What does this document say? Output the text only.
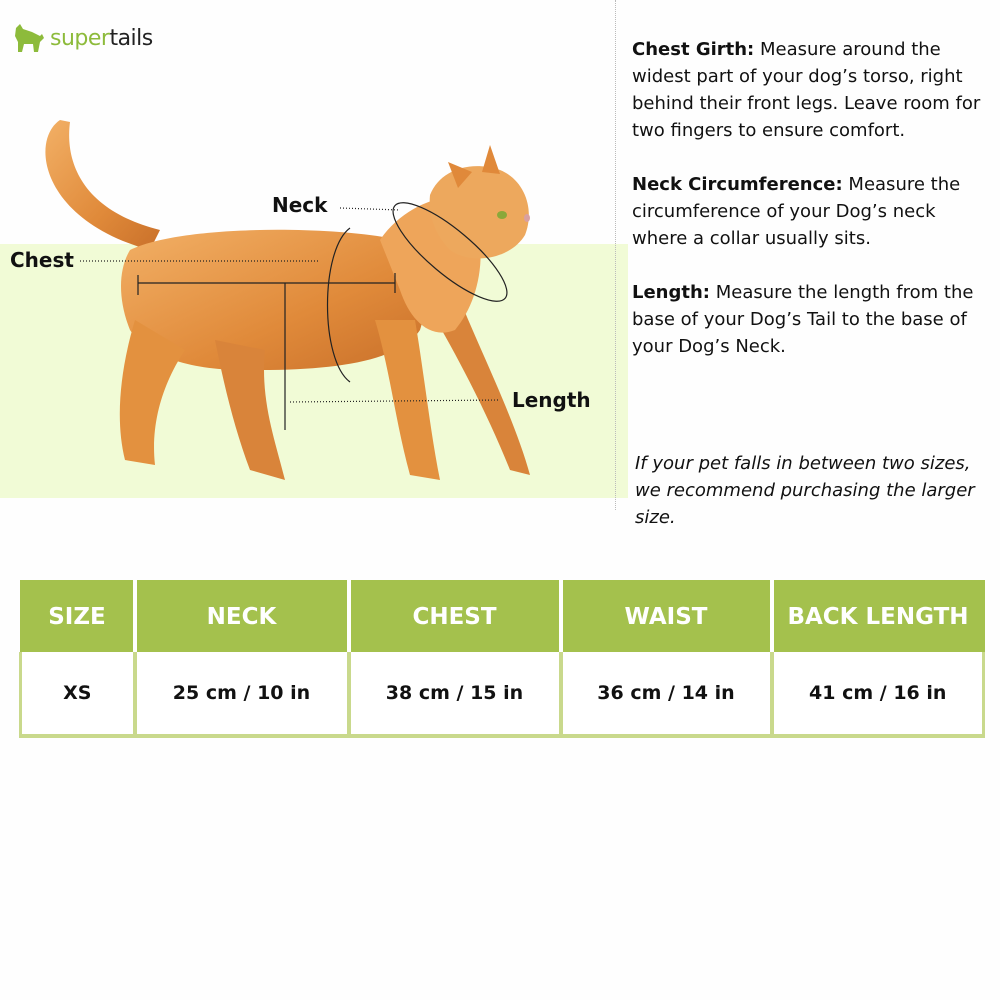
supertails
Neck
Chest
Length

Chest Girth: Measure around the widest part of your dog’s torso, right behind their front legs. Leave room for two fingers to ensure comfort.

Neck Circumference: Measure the circumference of your Dog’s neck where a collar usually sits.

Length: Measure the length from the base of your Dog’s Tail to the base of your Dog’s Neck.

If your pet falls in between two sizes, we recommend purchasing the larger size.
SIZE	NECK	CHEST	WAIST	BACK LENGTH
XS	25 cm / 10 in	38 cm / 15 in	36 cm / 14 in	41 cm / 16 in
